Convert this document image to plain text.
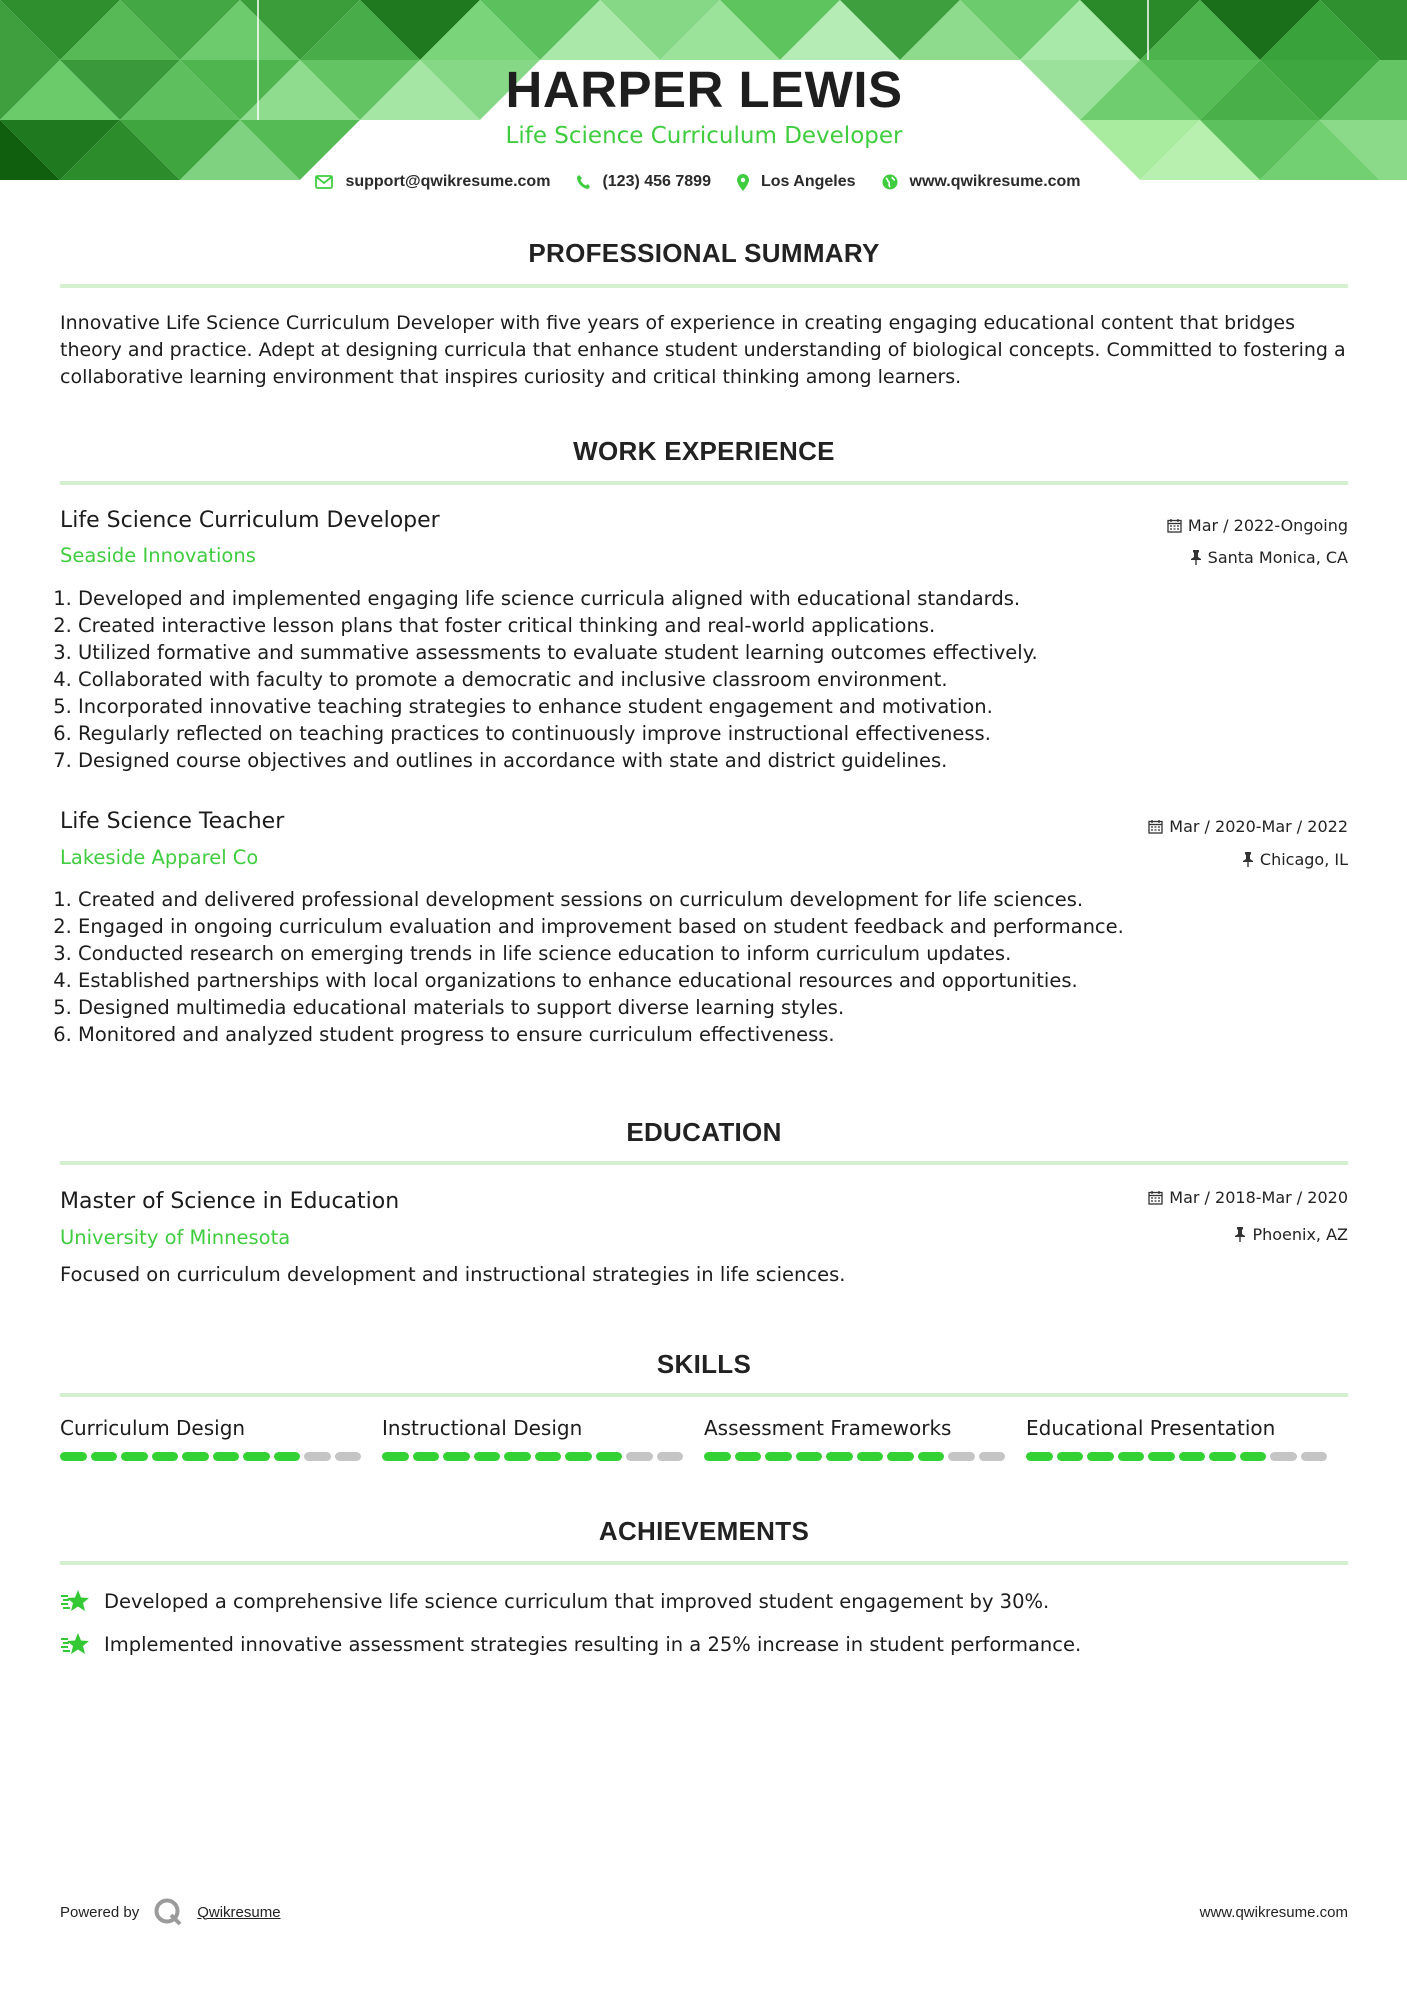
HARPER LEWIS
Life Science Curriculum Developer
support@qwikresume.com	(123) 456 7899	Los Angeles	www.qwikresume.com
PROFESSIONAL SUMMARY
Innovative Life Science Curriculum Developer with five years of experience in creating engaging educational content that bridges theory and practice. Adept at designing curricula that enhance student understanding of biological concepts. Committed to fostering a collaborative learning environment that inspires curiosity and critical thinking among learners.
WORK EXPERIENCE
Life Science Curriculum Developer
Seaside Innovations
Mar / 2022-Ongoing
Santa Monica, CA
1. Developed and implemented engaging life science curricula aligned with educational standards.
2. Created interactive lesson plans that foster critical thinking and real-world applications.
3. Utilized formative and summative assessments to evaluate student learning outcomes effectively.
4. Collaborated with faculty to promote a democratic and inclusive classroom environment.
5. Incorporated innovative teaching strategies to enhance student engagement and motivation.
6. Regularly reflected on teaching practices to continuously improve instructional effectiveness.
7. Designed course objectives and outlines in accordance with state and district guidelines.
Life Science Teacher
Lakeside Apparel Co
Mar / 2020-Mar / 2022
Chicago, IL
1. Created and delivered professional development sessions on curriculum development for life sciences.
2. Engaged in ongoing curriculum evaluation and improvement based on student feedback and performance.
3. Conducted research on emerging trends in life science education to inform curriculum updates.
4. Established partnerships with local organizations to enhance educational resources and opportunities.
5. Designed multimedia educational materials to support diverse learning styles.
6. Monitored and analyzed student progress to ensure curriculum effectiveness.
EDUCATION
Master of Science in Education
University of Minnesota
Mar / 2018-Mar / 2020
Phoenix, AZ
Focused on curriculum development and instructional strategies in life sciences.
SKILLS
Curriculum Design	Instructional Design	Assessment Frameworks	Educational Presentation
ACHIEVEMENTS
Developed a comprehensive life science curriculum that improved student engagement by 30%.
Implemented innovative assessment strategies resulting in a 25% increase in student performance.
Powered by	Qwikresume	www.qwikresume.com
